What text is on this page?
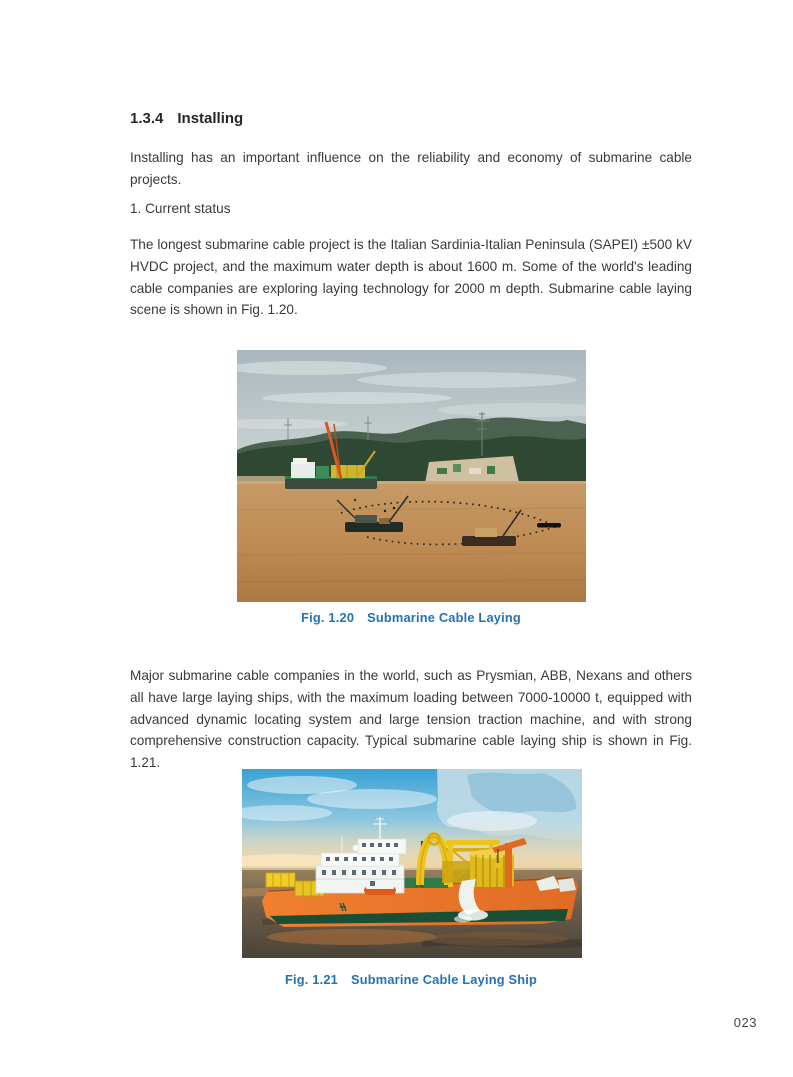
1.3.4 Installing
Installing has an important influence on the reliability and economy of submarine cable projects.
1. Current status
The longest submarine cable project is the Italian Sardinia-Italian Peninsula (SAPEI) ±500 kV HVDC project, and the maximum water depth is about 1600 m. Some of the world's leading cable companies are exploring laying technology for 2000 m depth. Submarine cable laying scene is shown in Fig. 1.20.
Fig. 1.20 Submarine Cable Laying
Major submarine cable companies in the world, such as Prysmian, ABB, Nexans and others all have large laying ships, with the maximum loading between 7000-10000 t, equipped with advanced dynamic locating system and large tension traction machine, and with strong comprehensive construction capacity. Typical submarine cable laying ship is shown in Fig. 1.21.
Fig. 1.21 Submarine Cable Laying Ship
023
